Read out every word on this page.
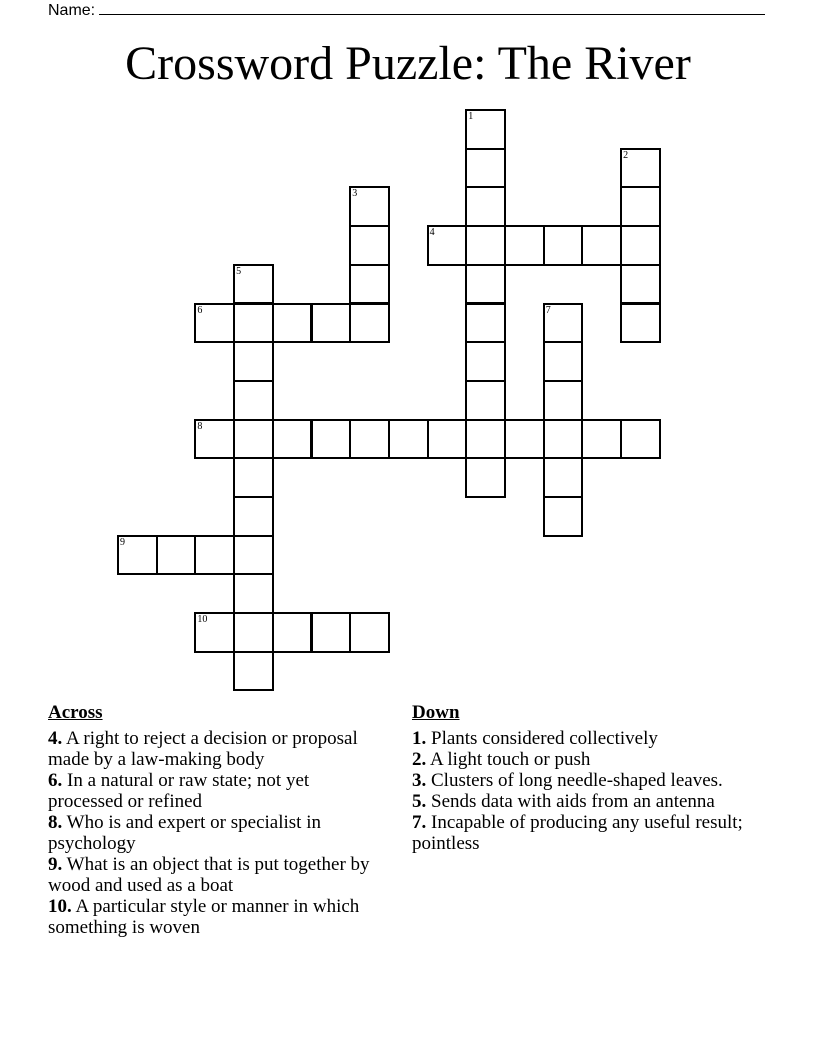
Name:
Crossword Puzzle: The River
1
2
3
4
5
6	7
8
9
10
Across
4. A right to reject a decision or proposal made by a law-making body
6. In a natural or raw state; not yet processed or refined
8. Who is and expert or specialist in psychology
9. What is an object that is put together by wood and used as a boat
10. A particular style or manner in which something is woven
Down
1. Plants considered collectively
2. A light touch or push
3. Clusters of long needle-shaped leaves.
5. Sends data with aids from an antenna
7. Incapable of producing any useful result; pointless
